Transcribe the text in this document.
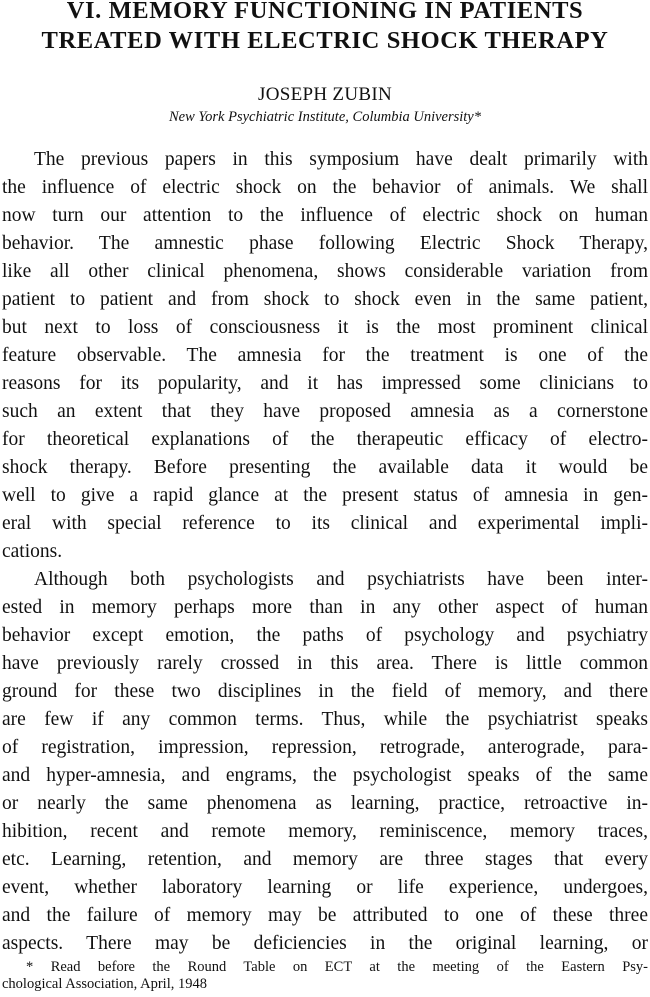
VI. MEMORY FUNCTIONING IN PATIENTS
TREATED WITH ELECTRIC SHOCK THERAPY
JOSEPH ZUBIN
New York Psychiatric Institute, Columbia University*
The previous papers in this symposium have dealt primarily with
the influence of electric shock on the behavior of animals. We shall
now turn our attention to the influence of electric shock on human
behavior. The amnestic phase following Electric Shock Therapy,
like all other clinical phenomena, shows considerable variation from
patient to patient and from shock to shock even in the same patient,
but next to loss of consciousness it is the most prominent clinical
feature observable. The amnesia for the treatment is one of the
reasons for its popularity, and it has impressed some clinicians to
such an extent that they have proposed amnesia as a cornerstone
for theoretical explanations of the therapeutic efficacy of electro-
shock therapy. Before presenting the available data it would be
well to give a rapid glance at the present status of amnesia in gen-
eral with special reference to its clinical and experimental impli-
cations.
Although both psychologists and psychiatrists have been inter-
ested in memory perhaps more than in any other aspect of human
behavior except emotion, the paths of psychology and psychiatry
have previously rarely crossed in this area. There is little common
ground for these two disciplines in the field of memory, and there
are few if any common terms. Thus, while the psychiatrist speaks
of registration, impression, repression, retrograde, anterograde, para-
and hyper-amnesia, and engrams, the psychologist speaks of the same
or nearly the same phenomena as learning, practice, retroactive in-
hibition, recent and remote memory, reminiscence, memory traces,
etc. Learning, retention, and memory are three stages that every
event, whether laboratory learning or life experience, undergoes,
and the failure of memory may be attributed to one of these three
aspects. There may be deficiencies in the original learning, or
* Read before the Round Table on ECT at the meeting of the Eastern Psy-
chological Association, April, 1948
